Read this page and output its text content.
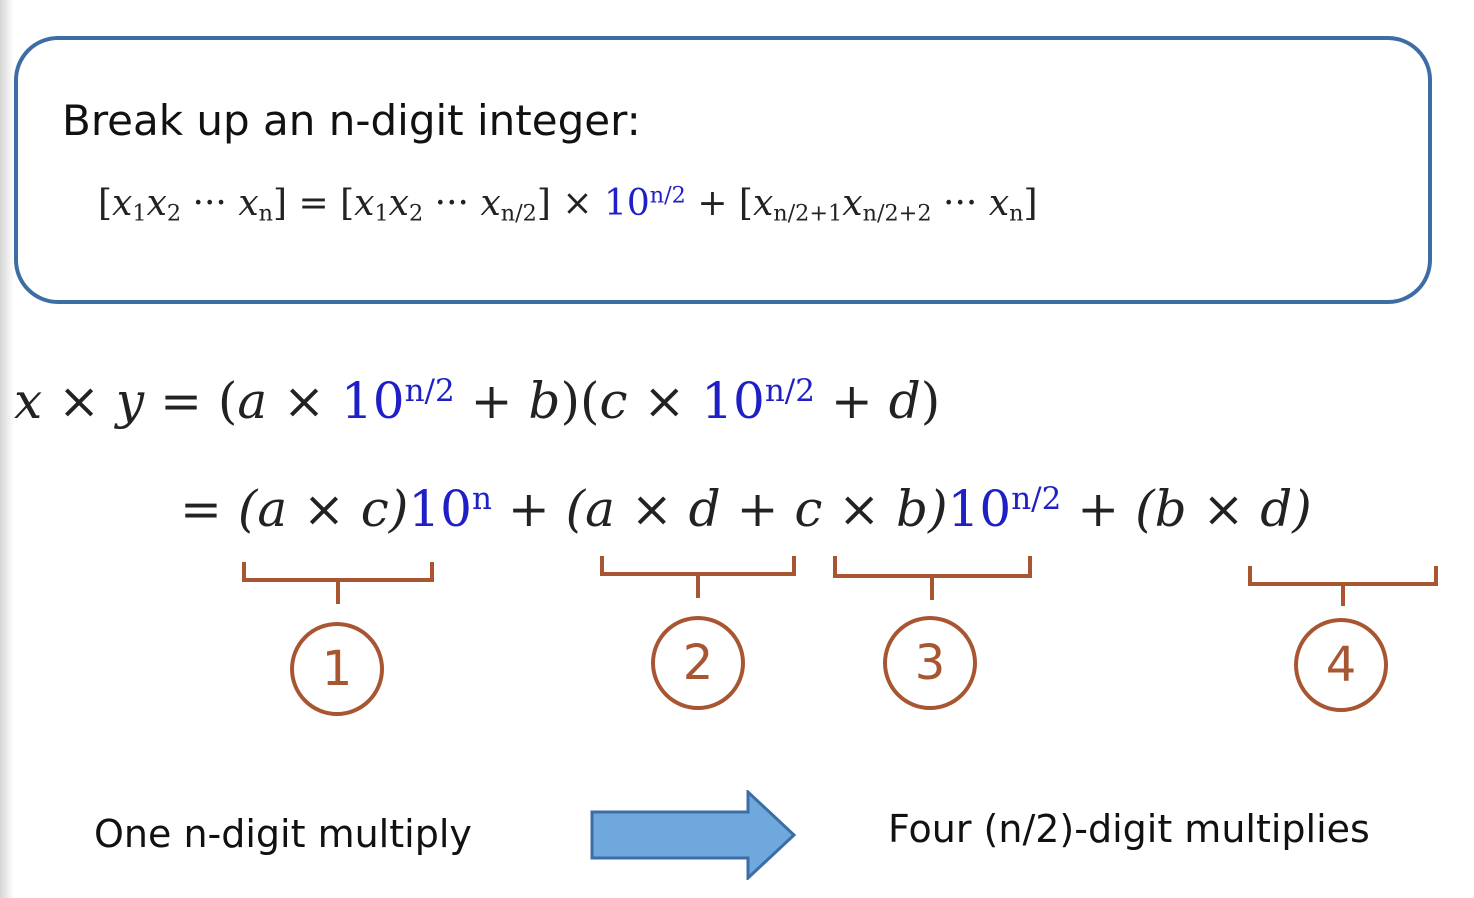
Break up an n-digit integer:
[$x_1x_2$ ··· $x_n] = [x_1x_2$ ··· $x_{n/2}] \times 10^{n/2} + [x_{n/2+1}x_{n/2+2}$ ··· $x_n$]
$x \times y = (a \times 10^{n/2} + b)(c \times 10^{n/2} + d)$
= $(a \times c)10^n + (a \times d + c \times b)10^{n/2} + (b \times d)$
1	2	3	4
One n-digit multiply	Four (n/2)-digit multiplies
